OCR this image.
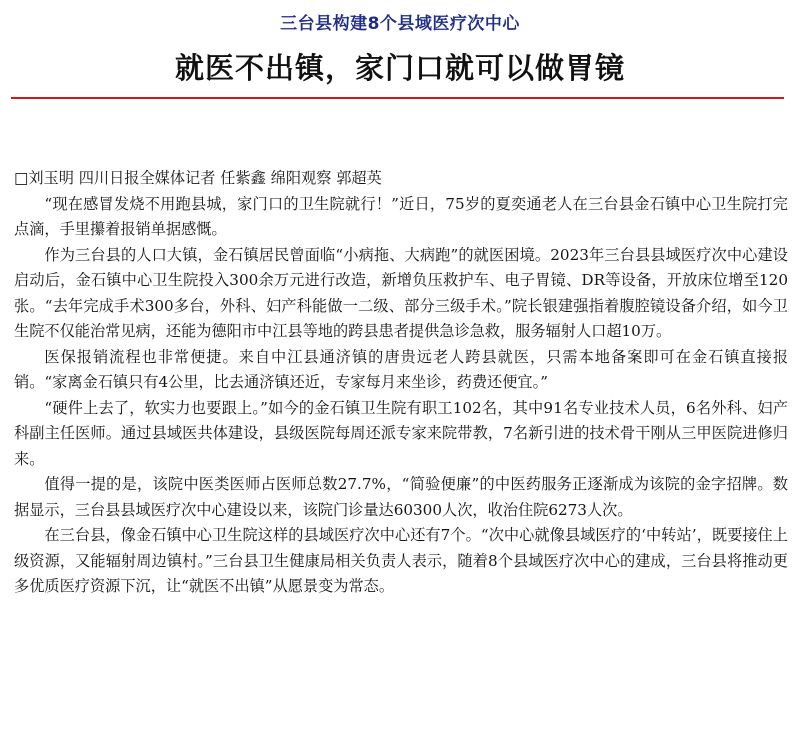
三台县构建8个县域医疗次中心
就医不出镇，家门口就可以做胃镜

□刘玉明 四川日报全媒体记者 任紫鑫 绵阳观察 郭超英

“现在感冒发烧不用跑县城，家门口的卫生院就行！”近日，75岁的夏奕通老人在三台县金石镇中心卫生院打完点滴，手里攥着报销单据感慨。

作为三台县的人口大镇，金石镇居民曾面临“小病拖、大病跑”的就医困境。2023年三台县县域医疗次中心建设启动后，金石镇中心卫生院投入300余万元进行改造，新增负压救护车、电子胃镜、DR等设备，开放床位增至120张。“去年完成手术300多台，外科、妇产科能做一二级、部分三级手术。”院长银建强指着腹腔镜设备介绍，如今卫生院不仅能治常见病，还能为德阳市中江县等地的跨县患者提供急诊急救，服务辐射人口超10万。

医保报销流程也非常便捷。来自中江县通济镇的唐贵远老人跨县就医，只需本地备案即可在金石镇直接报销。“家离金石镇只有4公里，比去通济镇还近，专家每月来坐诊，药费还便宜。”

“硬件上去了，软实力也要跟上。”如今的金石镇卫生院有职工102名，其中91名专业技术人员，6名外科、妇产科副主任医师。通过县域医共体建设，县级医院每周还派专家来院带教，7名新引进的技术骨干刚从三甲医院进修归来。

值得一提的是，该院中医类医师占医师总数27.7%，“简验便廉”的中医药服务正逐渐成为该院的金字招牌。数据显示，三台县县域医疗次中心建设以来，该院门诊量达60300人次，收治住院6273人次。

在三台县，像金石镇中心卫生院这样的县域医疗次中心还有7个。“次中心就像县域医疗的‘中转站’，既要接住上级资源，又能辐射周边镇村。”三台县卫生健康局相关负责人表示，随着8个县域医疗次中心的建成，三台县将推动更多优质医疗资源下沉，让“就医不出镇”从愿景变为常态。
